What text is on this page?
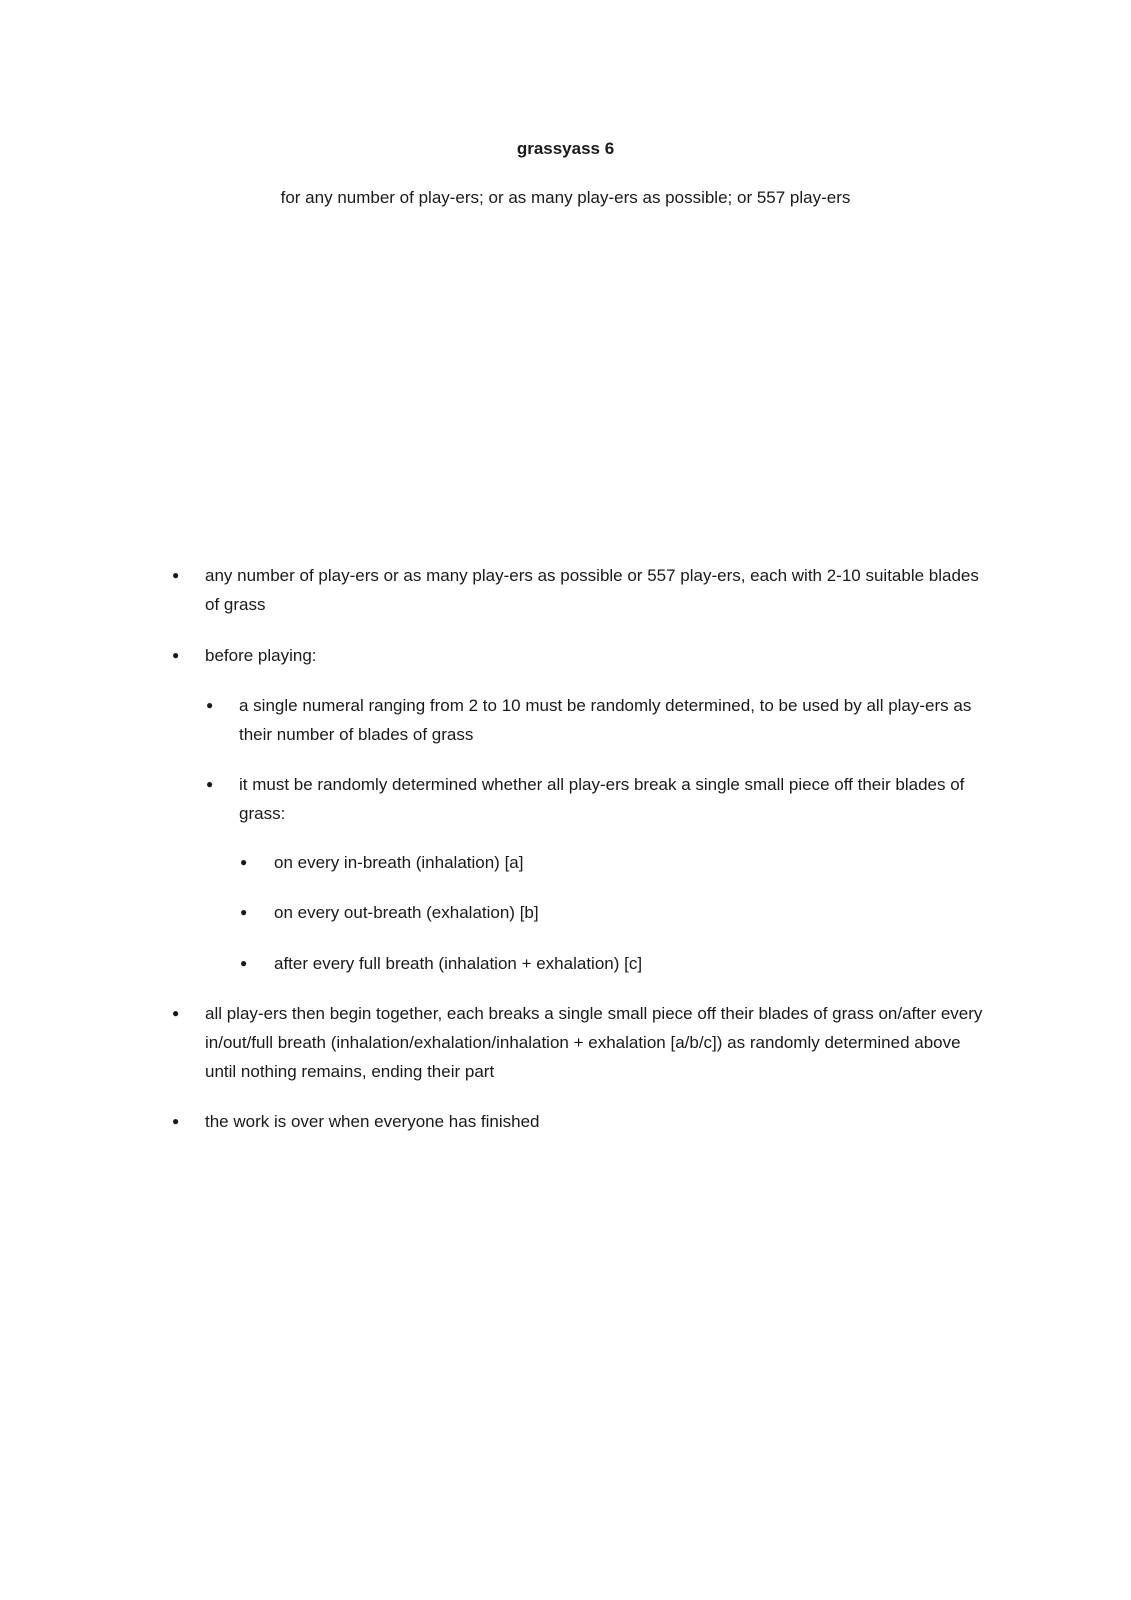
grassyass 6
for any number of play-ers; or as many play-ers as possible; or 557 play-ers
● any number of play-ers or as many play-ers as possible or 557 play-ers, each with 2-10 suitable blades of grass
● before playing:
● a single numeral ranging from 2 to 10 must be randomly determined, to be used by all play-ers as their number of blades of grass
● it must be randomly determined whether all play-ers break a single small piece off their blades of grass:
● on every in-breath (inhalation) [a]
● on every out-breath (exhalation) [b]
● after every full breath (inhalation + exhalation) [c]
● all play-ers then begin together, each breaks a single small piece off their blades of grass on/after every in/out/full breath (inhalation/exhalation/inhalation + exhalation [a/b/c]) as randomly determined above until nothing remains, ending their part
● the work is over when everyone has finished
